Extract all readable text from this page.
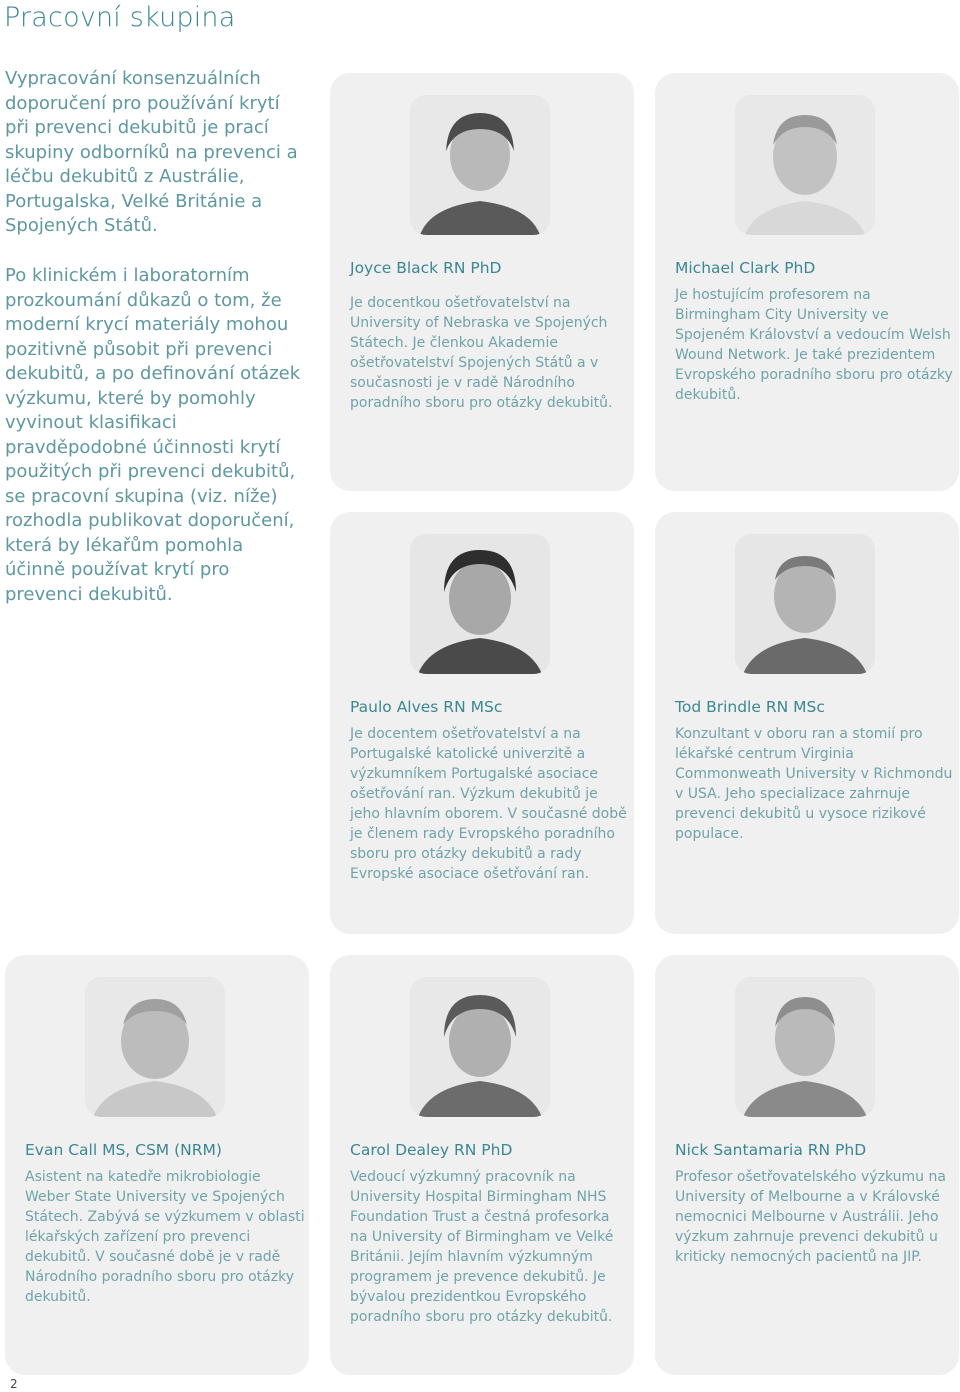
Pracovní skupina
Vypracování konsenzuálních doporučení pro používání krytí při prevenci dekubitů je prací skupiny odborníků na prevenci a léčbu dekubitů z Austrálie, Portugalska, Velké Británie a Spojených Států.
Po klinickém i laboratorním prozkoumání důkazů o tom, že moderní krycí materiály mohou pozitivně působit při prevenci dekubitů, a po definování otázek výzkumu, které by pomohly vyvinout klasifikaci pravděpodobné účinnosti krytí použitých při prevenci dekubitů, se pracovní skupina (viz. níže) rozhodla publikovat doporučení, která by lékařům pomohla účinně používat krytí pro prevenci dekubitů.
Joyce Black RN PhD
Je docentkou ošetřovatelství na University of Nebraska ve Spojených Státech. Je členkou Akademie ošetřovatelství Spojených Států a v současnosti je v radě Národního poradního sboru pro otázky dekubitů.
Michael Clark PhD
Je hostujícím profesorem na Birmingham City University ve Spojeném Království a vedoucím Welsh Wound Network. Je také prezidentem Evropského poradního sboru pro otázky dekubitů.
Paulo Alves RN MSc
Je docentem ošetřovatelství a na Portugalské katolické univerzitě a výzkumníkem Portugalské asociace ošetřování ran. Výzkum dekubitů je jeho hlavním oborem. V současné době je členem rady Evropského poradního sboru pro otázky dekubitů a rady Evropské asociace ošetřování ran.
Tod Brindle RN MSc
Konzultant v oboru ran a stomií pro lékařské centrum Virginia Commonweath University v Richmondu v USA. Jeho specializace zahrnuje prevenci dekubitů u vysoce rizikové populace.
Evan Call MS, CSM (NRM)
Asistent na katedře mikrobiologie Weber State University ve Spojených Státech. Zabývá se výzkumem v oblasti lékařských zařízení pro prevenci dekubitů. V současné době je v radě Národního poradního sboru pro otázky dekubitů.
Carol Dealey RN PhD
Vedoucí výzkumný pracovník na University Hospital Birmingham NHS Foundation Trust a čestná profesorka na University of Birmingham ve Velké Británii. Jejím hlavním výzkumným programem je prevence dekubitů. Je bývalou prezidentkou Evropského poradního sboru pro otázky dekubitů.
Nick Santamaria RN PhD
Profesor ošetřovatelského výzkumu na University of Melbourne a v Královské nemocnici Melbourne v Austrálii. Jeho výzkum zahrnuje prevenci dekubitů u kriticky nemocných pacientů na JIP.
2
